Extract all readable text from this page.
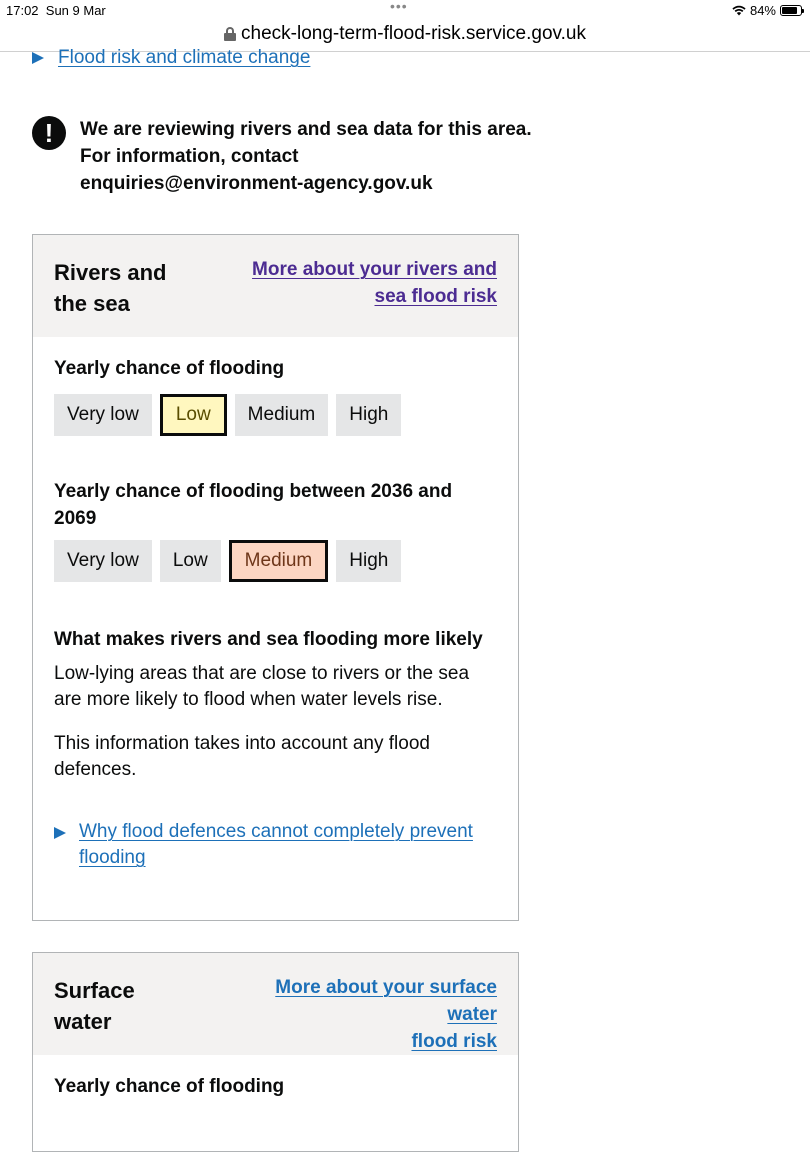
17:02 Sun 9 Mar	•••	84%
check-long-term-flood-risk.service.gov.uk
Flood risk and climate change
!	We are reviewing rivers and sea data for this area.
For information, contact
enquiries@environment-agency.gov.uk
Rivers and
the sea
More about your rivers and
sea flood risk
Yearly chance of flooding
Very low	Low	Medium	High
Yearly chance of flooding between 2036 and 2069
Very low	Low	Medium	High
What makes rivers and sea flooding more likely
Low-lying areas that are close to rivers or the sea are more likely to flood when water levels rise.
This information takes into account any flood defences.
Why flood defences cannot completely prevent flooding
Surface
water
More about your surface water
flood risk
Yearly chance of flooding
